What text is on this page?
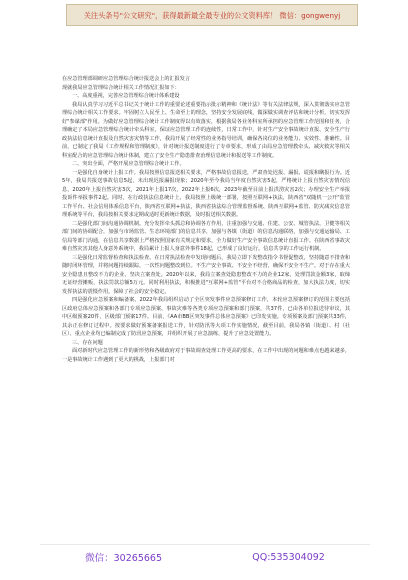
关注头条号"公文研究"，获得最新最全最专业的公文资料库！ 微信：gongwenyj

在应急管理部调研应急管理综合统计报送会上的汇报发言

现就我局应急管理综合统计相关工作情况汇报如下：

一、高度重视，完善应急管理综合统计体系建设

我局认真学习习近平总书记关于统计工作的重要论述重要指示批示精神和《统计法》等有关法律法规，深入贯彻落实应急管理综合统计相关工作要求。牢固树立人民至上、生命至上的理念，坚持安全发展底线，做深做实调查评估和统计分析，切实发挥好"参谋部"作用。为做好应急管理综合统计工作制度得以有效落实，根据我局各业务科室所承担的应急管理工作范围和任务，合理确定了本局应急管理综合统计牵头科室，保证应急管理工作的连续性，日常工作中，针对生产安全事故统计直报、安全生产行政执法信息统计直报及自然灾害灾情等工作，我局开展了经常性的业务指导培训，确保各岗位的业务能力、实效性、准确性。目前，已制定了我局《工作规程和管理制度》，针对统计报送制度进行了专章要求，形成了由局应急管理教牵头、减灾救灾等相关科室配合的应急管理综合统计体制，建立了安全生产隐患排查治理信息统计和报送等工作制度。

二、突出全面，严格开展应急管理综合统计工作。

一是强化自身统计上报工作。我局按照信息报送相关要求，严格事故信息报送，严肃查处迟报、漏报、谎报和瞒报行为。近5年，我局共报送事故信息5起，未出现迟报漏报现象；2020年至今我局当年度自然灾害5起，严格统计上报自然灾害情况信息，2020年上报自然灾害3次，2021年上报17次，2022年上报6次，2023年截至目前上报洪涝灾害2次；办理安全生产举报投诉件举报事件2起。同时，在行政执法信息统计上，我局按照上级统一部署，按照互联网+执法，陕西省"双随机一公开"监管工作平台、社会信用体系信息平台，陕西省互联网+执法，陕西省执法综合管理监督系统、陕西互联网+监管、防灾减灾信息管理系统等平台，我局按相关要求定期或适时更新统计数据，及时报送相关数据。

二是强化部门间沟通协调机制。充分发挥牵头抓总和协调各方作用，注重加强与交通、住建、公安、城管执法、卫健等相关部门间的协调配合，加强与市场监管、生态环境部门的信息共享，加强与各镇（街道）的信息沟通联络，加强与交通运输局、工信局等部门沟通，在信息共享数据上严格按照国家有关规定和要求，全力做好生产安全事故信息统计直报工作。在陕西省事故灾难自然灾害其他人身意外系统中，我局累计上报人身意外事件18起，已形成了良好运行。信息共享的工作运行机制。

三是强化日常监督检查和执法检查。在日常执法检查中发现问题后，我局立即下发整改指令书督促整改，坚持随意不排查和随时闭环管理，并将问题持续跟踪，一次性问题整改到位。不生产安全事故、不安全不经营，确保不安全不生产。对于存在重大安全隐患且整改不力的企业，坚决立案查处。2020年以来，我局立案查处隐患整改不力的企业12家，处理罚款金额3家，取缔无证经营摊贩，执法罚款总额5万元。同时利用执法，积极推进"互联网+监管"平台对不合格商品的检查，加大执法力度，切实发挥执法的震慑作用。保障了社会的安全稳定。

四是强化应急预案和编备案。2022年我局组织启动了全区突发事件应急预案修订工作，本轮应急预案修订的范围主要包括区政府总体应急预案和各部门专项应急预案、事故灾难等各类专项应急预案和部门预案，共37件，已由各单位报送待审议，其中区级预案20件，区级部门预案17件。目前，《AA市BB区突发事件总体应急预案》已印发实施。专项预案及部门预案共33件，其余正在修订过程中。按要求做好预案备案报送工作，针对防汛等大项工作实施情况，截至目前，我局各镇（街道）、村（社区）、重点企业均已编制完成了防汛应急预案，并组织开展了应急演练，提升了应急处置能力。

三、存在问题

面对新时代应急管理工作的新形势和各级政府对于事故调查处理工作更高的要求，在工作中出现的问题和难点也越来越多，一是事故统计工作遇到了更大的挑战，上报部门对

微信：30265665	QQ:535304092
